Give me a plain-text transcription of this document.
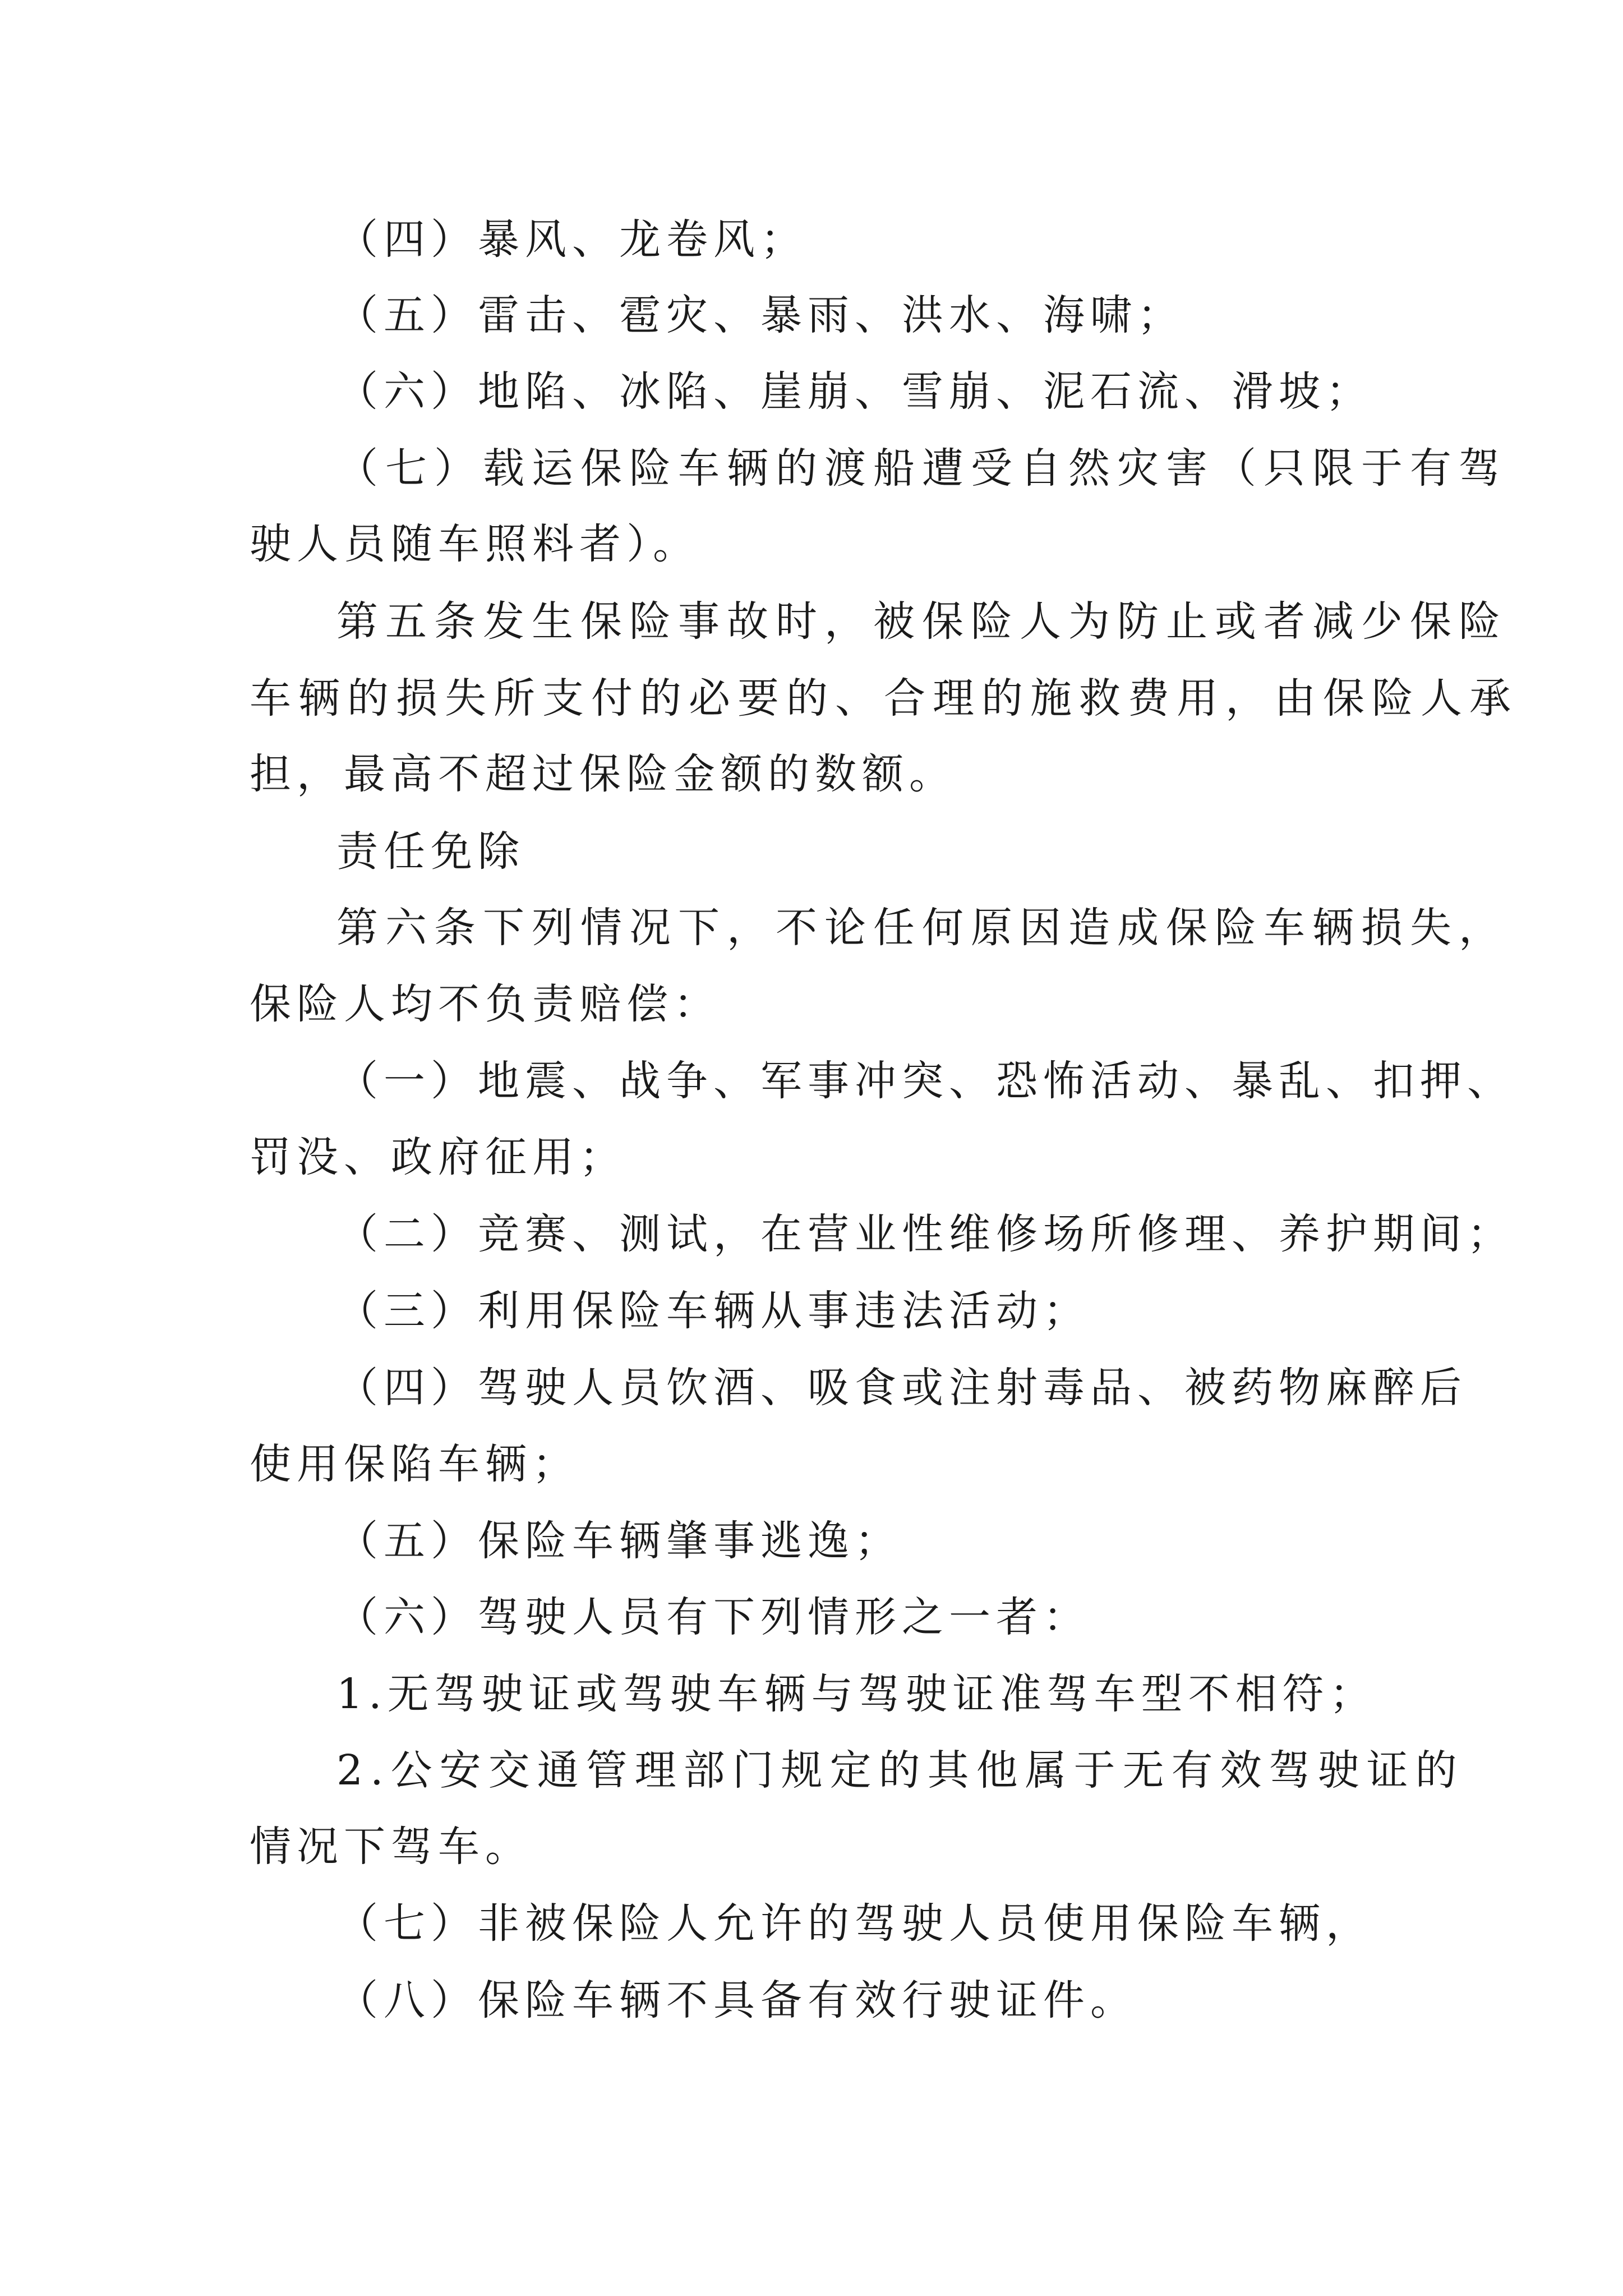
（四）暴风、龙卷风；
（五）雷击、雹灾、暴雨、洪水、海啸；
（六）地陷、冰陷、崖崩、雪崩、泥石流、滑坡；
（七）载运保险车辆的渡船遭受自然灾害（只限于有驾
驶人员随车照料者）。
第五条发生保险事故时，被保险人为防止或者减少保险
车辆的损失所支付的必要的、合理的施救费用，由保险人承
担，最高不超过保险金额的数额。
责任免除
第六条下列情况下，不论任何原因造成保险车辆损失，
保险人均不负责赔偿：
（一）地震、战争、军事冲突、恐怖活动、暴乱、扣押、
罚没、政府征用；
（二）竞赛、测试，在营业性维修场所修理、养护期间；
（三）利用保险车辆从事违法活动；
（四）驾驶人员饮酒、吸食或注射毒品、被药物麻醉后
使用保陷车辆；
（五）保险车辆肇事逃逸；
（六）驾驶人员有下列情形之一者：
1.无驾驶证或驾驶车辆与驾驶证准驾车型不相符；
2.公安交通管理部门规定的其他属于无有效驾驶证的
情况下驾车。
（七）非被保险人允许的驾驶人员使用保险车辆，
（八）保险车辆不具备有效行驶证件。
